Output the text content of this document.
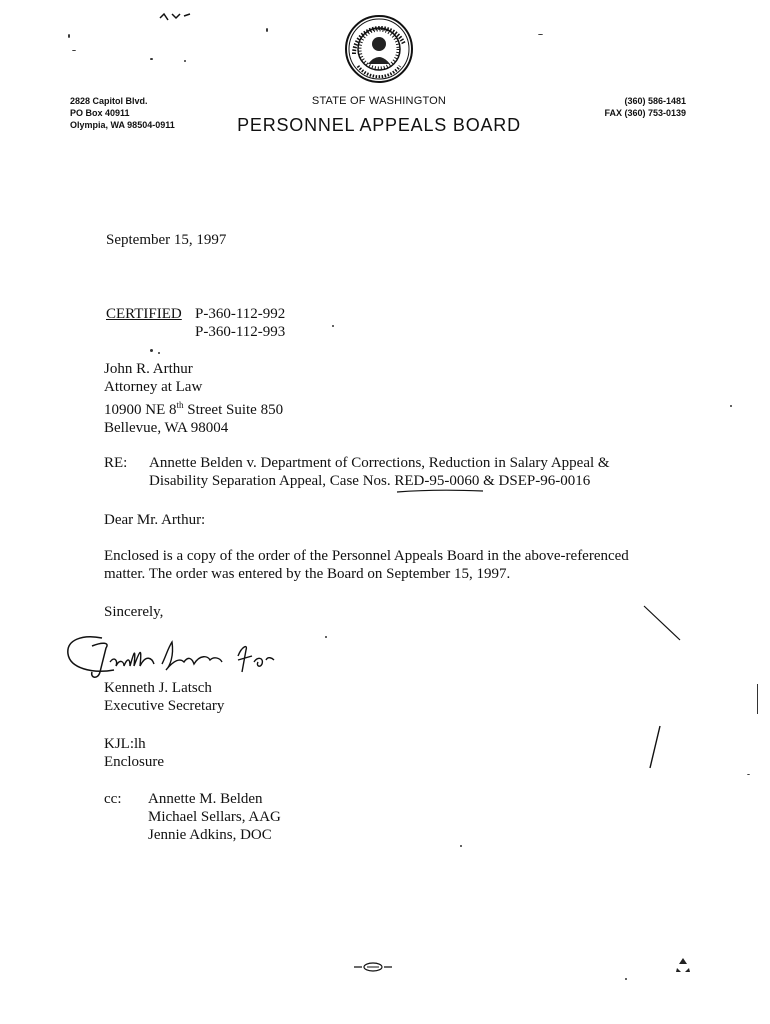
2828 Capitol Blvd.
PO Box 40911
Olympia, WA 98504-0911
STATE OF WASHINGTON
PERSONNEL APPEALS BOARD
(360) 586-1481
FAX (360) 753-0139
September 15, 1997
CERTIFIED P-360-112-992
P-360-112-993
John R. Arthur
Attorney at Law
10900 NE 8th Street Suite 850
Bellevue, WA 98004
RE: Annette Belden v. Department of Corrections, Reduction in Salary Appeal &
Disability Separation Appeal, Case Nos. RED-95-0060 & DSEP-96-0016
Dear Mr. Arthur:
Enclosed is a copy of the order of the Personnel Appeals Board in the above-referenced
matter. The order was entered by the Board on September 15, 1997.
Sincerely,
Kenneth J. Latsch
Executive Secretary
KJL:lh
Enclosure
cc: Annette M. Belden
Michael Sellars, AAG
Jennie Adkins, DOC
